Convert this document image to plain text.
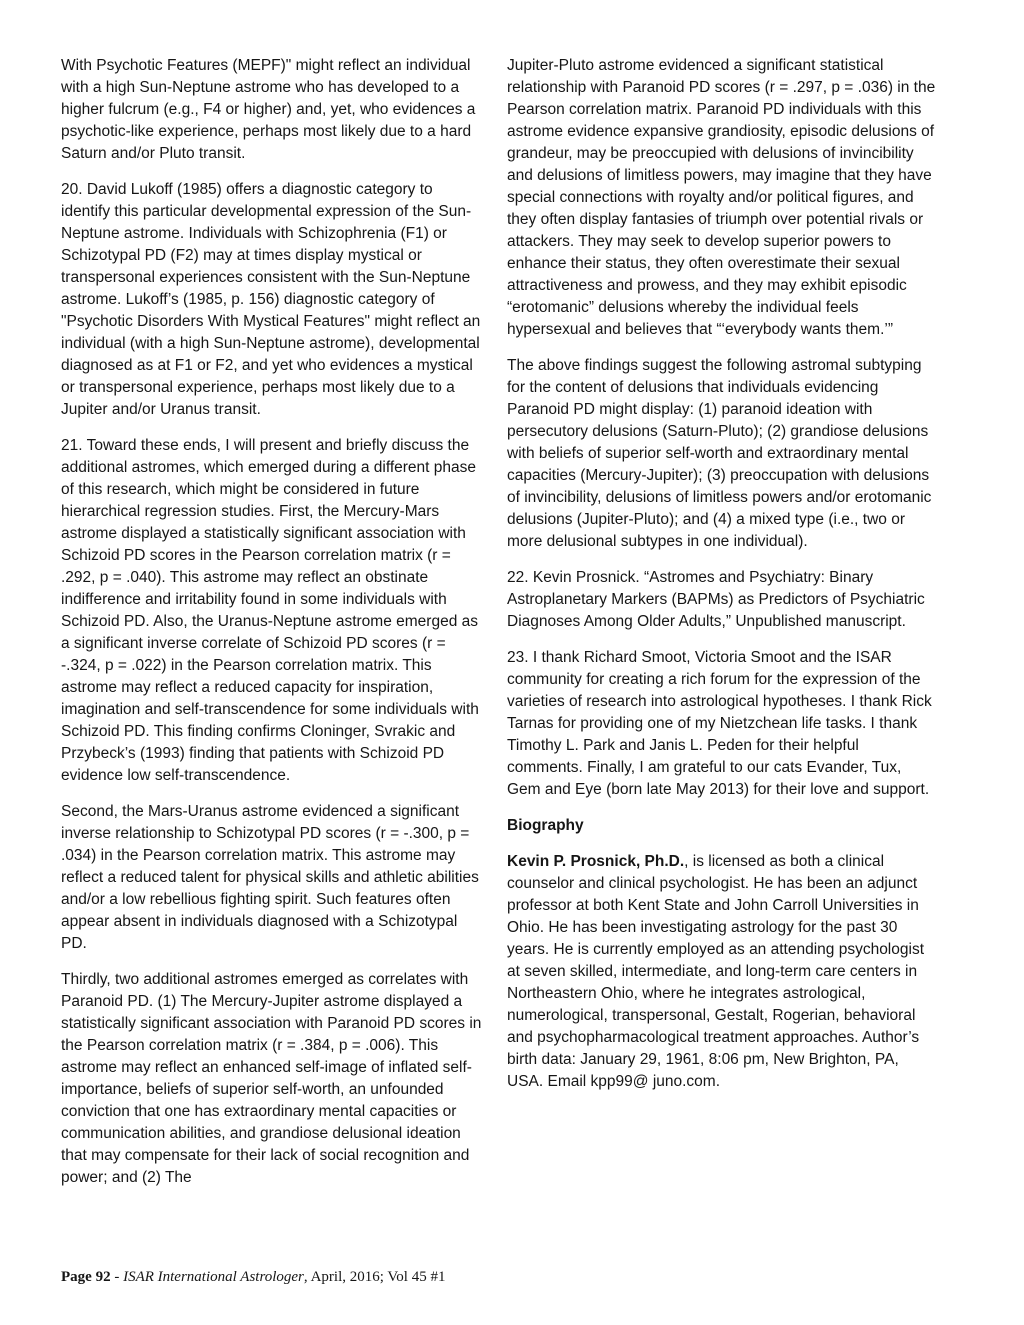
With Psychotic Features (MEPF)" might reflect an individual with a high Sun-Neptune astrome who has developed to a higher fulcrum (e.g., F4 or higher) and, yet, who evidences a psychotic-like experience, perhaps most likely due to a hard Saturn and/or Pluto transit.

20. David Lukoff (1985) offers a diagnostic category to identify this particular developmental expression of the Sun-Neptune astrome. Individuals with Schizophrenia (F1) or Schizotypal PD (F2) may at times display mystical or transpersonal experiences consistent with the Sun-Neptune astrome. Lukoff’s (1985, p. 156) diagnostic category of "Psychotic Disorders With Mystical Features" might reflect an individual (with a high Sun-Neptune astrome), developmental diagnosed as at F1 or F2, and yet who evidences a mystical or transpersonal experience, perhaps most likely due to a Jupiter and/or Uranus transit.

21. Toward these ends, I will present and briefly discuss the additional astromes, which emerged during a different phase of this research, which might be considered in future hierarchical regression studies. First, the Mercury-Mars astrome displayed a statistically significant association with Schizoid PD scores in the Pearson correlation matrix (r = .292, p = .040). This astrome may reflect an obstinate indifference and irritability found in some individuals with Schizoid PD. Also, the Uranus-Neptune astrome emerged as a significant inverse correlate of Schizoid PD scores (r = -.324, p = .022) in the Pearson correlation matrix. This astrome may reflect a reduced capacity for inspiration, imagination and self-transcendence for some individuals with Schizoid PD. This finding confirms Cloninger, Svrakic and Przybeck’s (1993) finding that patients with Schizoid PD evidence low self-transcendence.

Second, the Mars-Uranus astrome evidenced a significant inverse relationship to Schizotypal PD scores (r = -.300, p = .034) in the Pearson correlation matrix. This astrome may reflect a reduced talent for physical skills and athletic abilities and/or a low rebellious fighting spirit. Such features often appear absent in individuals diagnosed with a Schizotypal PD.

Thirdly, two additional astromes emerged as correlates with Paranoid PD. (1) The Mercury-Jupiter astrome displayed a statistically significant association with Paranoid PD scores in the Pearson correlation matrix (r = .384, p = .006). This astrome may reflect an enhanced self-image of inflated self-importance, beliefs of superior self-worth, an unfounded conviction that one has extraordinary mental capacities or communication abilities, and grandiose delusional ideation that may compensate for their lack of social recognition and power; and (2) The

Jupiter-Pluto astrome evidenced a significant statistical relationship with Paranoid PD scores (r = .297, p = .036) in the Pearson correlation matrix. Paranoid PD individuals with this astrome evidence expansive grandiosity, episodic delusions of grandeur, may be preoccupied with delusions of invincibility and delusions of limitless powers, may imagine that they have special connections with royalty and/or political figures, and they often display fantasies of triumph over potential rivals or attackers. They may seek to develop superior powers to enhance their status, they often overestimate their sexual attractiveness and prowess, and they may exhibit episodic “erotomanic” delusions whereby the individual feels hypersexual and believes that “‘everybody wants them.’”

The above findings suggest the following astromal subtyping for the content of delusions that individuals evidencing Paranoid PD might display: (1) paranoid ideation with persecutory delusions (Saturn-Pluto); (2) grandiose delusions with beliefs of superior self-worth and extraordinary mental capacities (Mercury-Jupiter); (3) preoccupation with delusions of invincibility, delusions of limitless powers and/or erotomanic delusions (Jupiter-Pluto); and (4) a mixed type (i.e., two or more delusional subtypes in one individual).

22. Kevin Prosnick. “Astromes and Psychiatry: Binary Astroplanetary Markers (BAPMs) as Predictors of Psychiatric Diagnoses Among Older Adults,” Unpublished manuscript.

23. I thank Richard Smoot, Victoria Smoot and the ISAR community for creating a rich forum for the expression of the varieties of research into astrological hypotheses. I thank Rick Tarnas for providing one of my Nietzchean life tasks. I thank Timothy L. Park and Janis L. Peden for their helpful comments. Finally, I am grateful to our cats Evander, Tux, Gem and Eye (born late May 2013) for their love and support.

Biography

Kevin P. Prosnick, Ph.D., is licensed as both a clinical counselor and clinical psychologist. He has been an adjunct professor at both Kent State and John Carroll Universities in Ohio. He has been investigating astrology for the past 30 years. He is currently employed as an attending psychologist at seven skilled, intermediate, and long-term care centers in Northeastern Ohio, where he integrates astrological, numerological, transpersonal, Gestalt, Rogerian, behavioral and psychopharmacological treatment approaches. Author’s birth data: January 29, 1961, 8:06 pm, New Brighton, PA, USA. Email kpp99@ juno.com.

Page 92 - ISAR International Astrologer, April, 2016; Vol 45 #1
